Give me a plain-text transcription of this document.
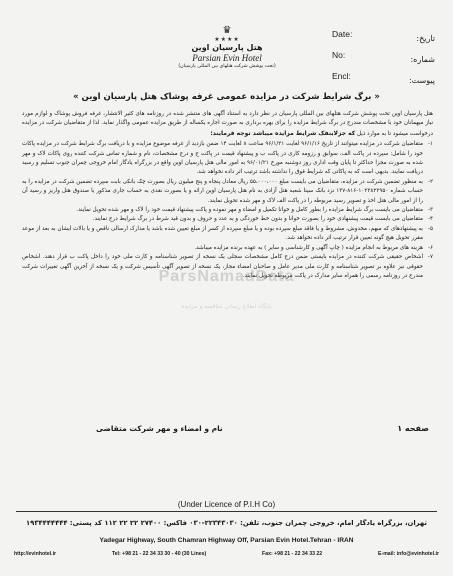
تاریخ:
شماره:
پیوست:
Date:
No:
Encl:
♛
★★★★
هتل پارسیان اوین
Parsian Evin Hotel
(تحت پوشش شرکت هتلهای بین المللی پارسیان)
« برگ شرایط شرکت در مزایده عمومی غرفه پوشاک هتل پارسیان اوین »

هتل پارسیان اوین تحت پوشش شرکت هتلهای بین المللی پارسیان در نظر دارد به استناد آگهی های منتشر شده در روزنامه های کثیر الانتشار، غرفه فروش پوشاک و لوازم مورد نیاز میهمانان خود با مشخصات مندرج در برگ شرایط مزایده را برای بهره برداری به صورت اجاره یکساله از طریق مزایده عمومی واگذار نماید. لذا از متقاضیان شرکت در مزایده درخواست میشود تا به موارد ذیل که جزلاینفک شرایط مزایده میباشد توجه فرمایند:

۱-
متقاضیان شرکت در مزایده میتوانند از تاریخ ۹۶/۱/۱۶ لغایت ۹۶/۱/۲۱ ساعت ۸ لغایت ۱۴ ضمن بازدید از غرفه موضوع مزایده و با دریافت برگ شرایط شرکت در مزایده پاکات خود را شامل: سپرده در پاکت الف، سوابق و رزومه کاری در پاکت ب و پیشنهاد قیمت در پاکت ج و درج مشخصات، نام و شماره تماس شرکت کننده روی پاکات لاک و مهر شده به صورت مجزا حداکثر تا پایان وقت اداری روز دوشنبه مورخ ۹۶/۰۱/۲۱ به امور مالی هتل پارسیان اوین واقع در بزرگراه یادگار امام خروجی چمران جنوب تسلیم و رسید دریافت نمایند. بدیهی است که به پاکاتی که شرایط فوق را نداشته باشد ترتیب اثر داده نخواهد شد.
۲-
به منظور تضمین شرکت در مزایده، متقاضیان می بایست مبلغ ۵۵،۰۰۰،۰۰۰ ریال معادل پنجاه و پنج میلیون ریال بصورت چک بانکی بابت سپرده تضمین شرکت در مزایده را به حساب شماره ۱۰۲۳۸۲۲۹۵۰-۸۱۶-۱۳۷ نزد بانک سینا شعبه هتل آزادی به نام هتل پارسیان اوین ارائه و یا بصورت نقدی به حساب جاری مذکور یا صندوق هتل واریز و رسید آن را از امور مالی هتل اخذ و تصویر رسید مربوطه را در پاکت الف لاک و مهر شده تحویل نمایند.
۳-
متقاضیان می بایست برگ شرایط مزایده را بطور کامل و خوانا تکمیل و امضاء و مهر نموده و پاکت پیشنهاد قیمت خود را لاک و مهر شده تحویل نمایند.
۴-
متقاضیان می بایست قیمت پیشنهادی خود را بصورت خوانا و بدون خط خوردگی و به عدد و حروف و بدون قید شرط در برگ شرایط درج نمایند.
۵-
به پیشنهادهای که مبهم، مخدوش، مشروط و یا فاقد مبلغ سپرده بوده و یا مبلغ سپرده از کسر از مبلغ تعیین شده باشد یا مدارک ارسالی ناقص و یا بالات ایشان به بعد از موعد مقرر تحویل هیچ گونه تعیین قرار ترتیب اثر داده نخواهد شد.
۶-
هزینه های مربوط به انجام مزایده ( چاپ آگهی و کارشناسی و سایر ) به عهده برنده مزایده میباشد.
۷-
اشخاص حقیقی شرکت کننده در مزایده بایستی ضمن درج کامل مشخصات سجلی یک نسخه از تصویر شناسنامه و کارت ملی خود را داخل پاکت ب قرار دهند. اشخاص حقوقی نیز علاوه بر تصویر شناسنامه و کارت ملی مدیر عامل و صاحبان امضاء مجاز، یک نسخه از تصویر آگهی تأسیس شرکت و یک نسخه از آخرین آگهی تغییرات شرکت مندرج در روزنامه رسمی را همراه سایر مدارک در پاکت مربوطه تحویل نمایند.
ParsNamadData
پایگاه اطلاع رسانی مناقصه و مزایده
صفحه ۱
نام و امضاء و مهر شرکت متقاضی
(Under Licence of P.I.H Co)
تهران، بزرگراه یادگار امام، خروجی چمران جنوب، تلفن: ۲۲۳۴۳۰۳۰-۰۳۰ فاکس: ۲۷۴۰۰ ۲۲ ۲۲ ۱۱۲ کد پستی: ۱۹۳۴۴۴۴۴۴۴
Yadegar Highway, South Chamran Highway Off, Parsian Evin Hotel.Tehran - IRAN
http://evinhotel.ir	Tel: +98 21 - 22 34 33 30 - 40 (30 Lines)	Fax: +98 21 - 22 34 33 22	E-mail: info@evinhotel.ir
